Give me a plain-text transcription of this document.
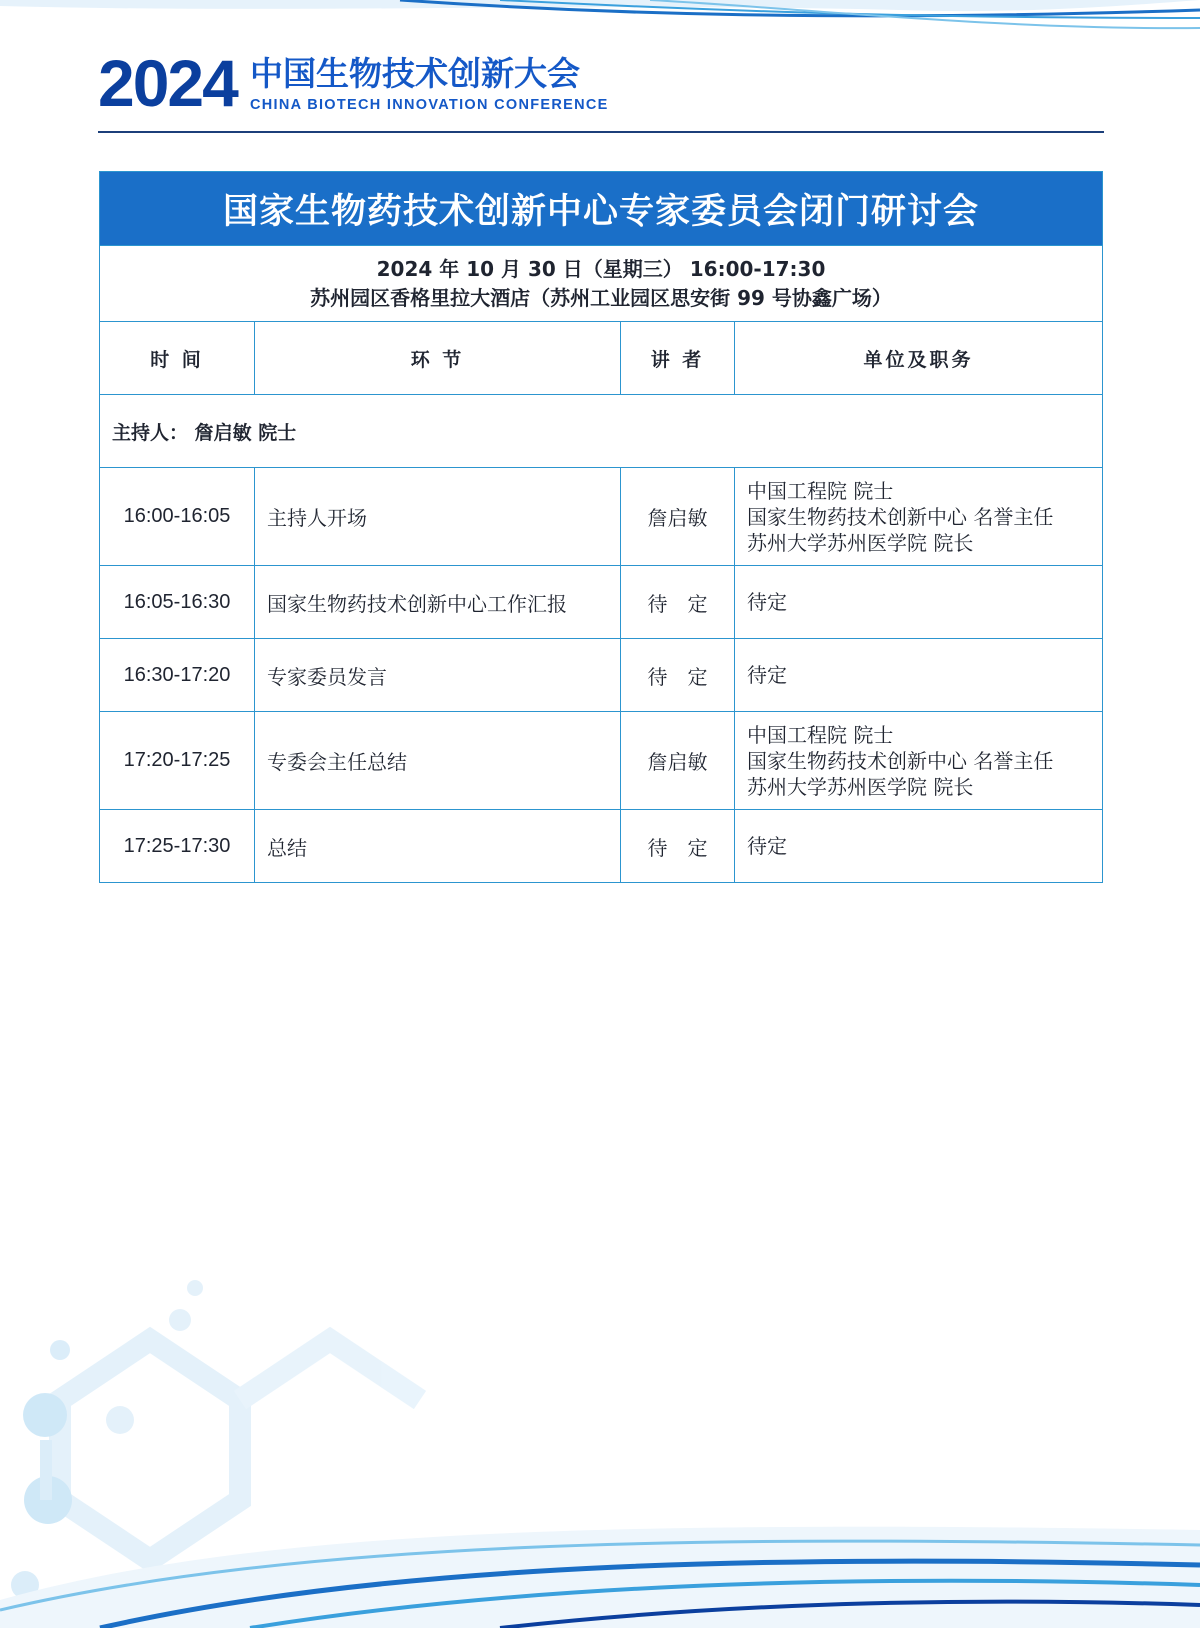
2024 中国生物技术创新大会
CHINA BIOTECH INNOVATION CONFERENCE
国家生物药技术创新中心专家委员会闭门研讨会			

2024 年 10 月 30 日（星期三） 16:00-17:30
苏州园区香格里拉大酒店（苏州工业园区思安街 99 号协鑫广场）			

时 间	环 节	讲 者	单位及职务
主持人： 詹启敏 院士			
16:00-16:05	主持人开场	詹启敏	中国工程院 院士
国家生物药技术创新中心 名誉主任
苏州大学苏州医学院 院长

16:05-16:30	国家生物药技术创新中心工作汇报	待　定	待定

16:30-17:20	专家委员发言	待　定	待定

17:20-17:25	专委会主任总结	詹启敏	中国工程院 院士
国家生物药技术创新中心 名誉主任
苏州大学苏州医学院 院长

17:25-17:30	总结	待　定	待定
